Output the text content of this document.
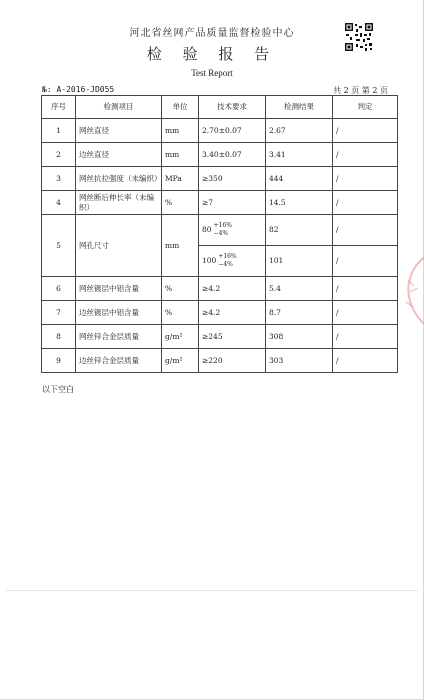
河北省丝网产品质量监督检验中心
检 验 报 告
Test Report
№: A-2016-JD055	共 2 页 第 2 页
序号	检测项目	单位	技术要求	检测结果	判定
1	网丝直径	mm	2.70±0.07	2.67	/
2	边丝直径	mm	3.40±0.07	3.41	/
3	网丝抗拉强度（未编织）	MPa	≥350	444	/
4	网丝断后伸长率（未编织）	%	≥7	14.5	/
5	网孔尺寸	mm	80 +16%
−4%	82	/
			100 +16%
−4%	101	/
6	网丝镀层中铝含量	%	≥4.2	5.4	/
7	边丝镀层中铝含量	%	≥4.2	8.7	/
8	网丝锌合金层质量	g/m²	≥245	308	/
9	边丝锌合金层质量	g/m²	≥220	303	/
以下空白
